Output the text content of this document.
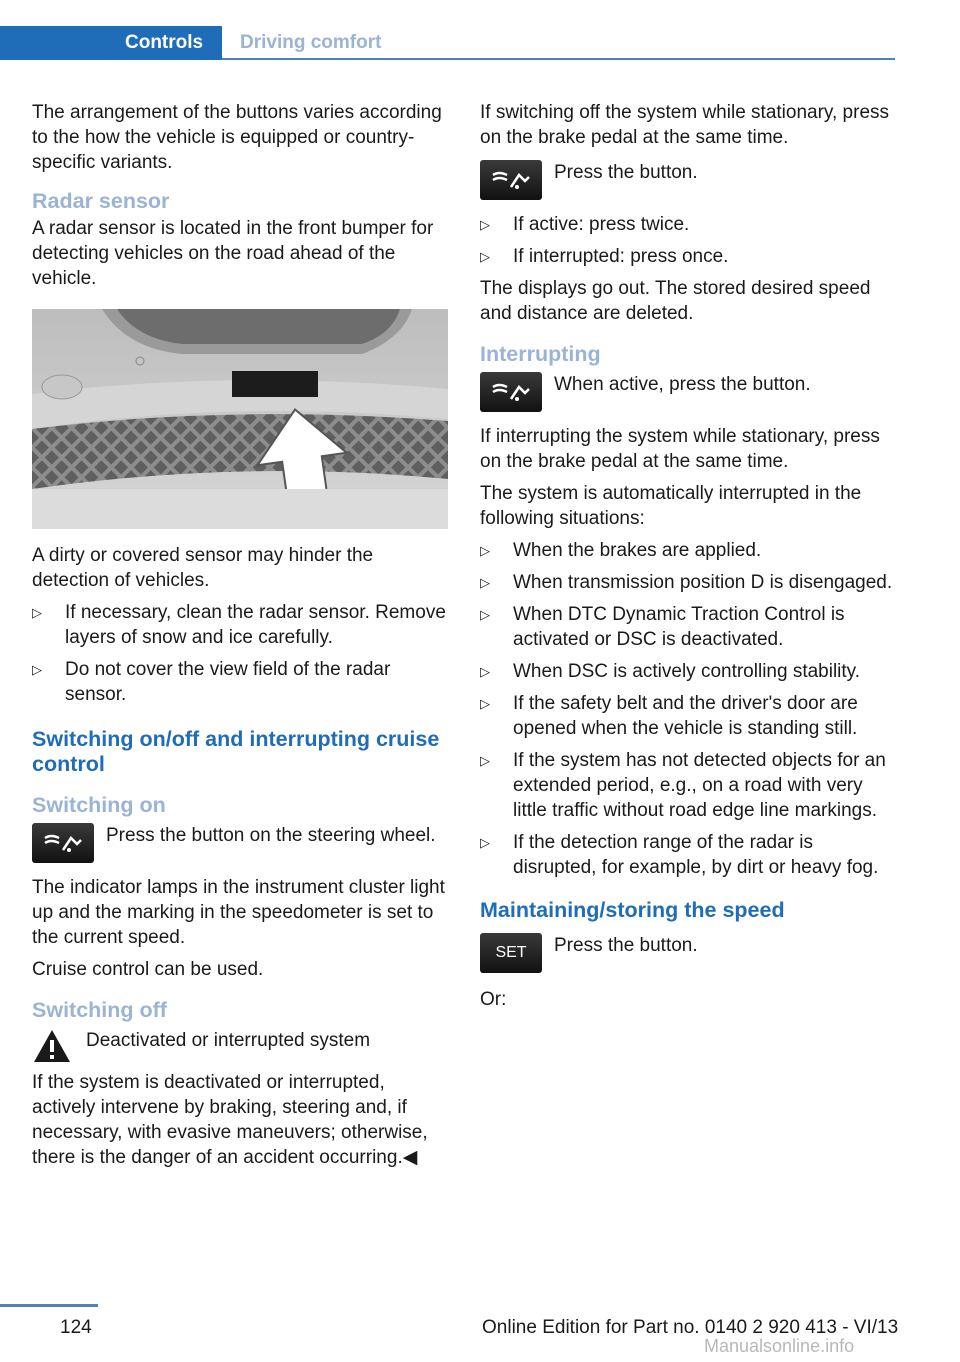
Controls	Driving comfort

The arrangement of the buttons varies according to the how the vehicle is equipped or country-specific variants.

Radar sensor

A radar sensor is located in the front bumper for detecting vehicles on the road ahead of the vehicle.

A dirty or covered sensor may hinder the detection of vehicles.

▷ If necessary, clean the radar sensor. Remove layers of snow and ice carefully.
▷ Do not cover the view field of the radar sensor.
Switching on/off and interrupting cruise control
Switching on
Press the button on the steering wheel.

The indicator lamps in the instrument cluster light up and the marking in the speedometer is set to the current speed.

Cruise control can be used.

Switching off
Deactivated or interrupted system

If the system is deactivated or interrupted, actively intervene by braking, steering and, if necessary, with evasive maneuvers; otherwise, there is the danger of an accident occurring.◀

If switching off the system while stationary, press on the brake pedal at the same time.

Press the button.
▷ If active: press twice.
▷ If interrupted: press once.

The displays go out. The stored desired speed and distance are deleted.

Interrupting
When active, press the button.

If interrupting the system while stationary, press on the brake pedal at the same time.

The system is automatically interrupted in the following situations:

▷ When the brakes are applied.
▷ When transmission position D is disengaged.
▷ When DTC Dynamic Traction Control is activated or DSC is deactivated.
▷ When DSC is actively controlling stability.
▷ If the safety belt and the driver's door are opened when the vehicle is standing still.
▷ If the system has not detected objects for an extended period, e.g., on a road with very little traffic without road edge line markings.
▷ If the detection range of the radar is disrupted, for example, by dirt or heavy fog.
Maintaining/storing the speed
SET	Press the button.

Or:

124	Online Edition for Part no. 0140 2 920 413 - VI/13
Manualsonline.info
